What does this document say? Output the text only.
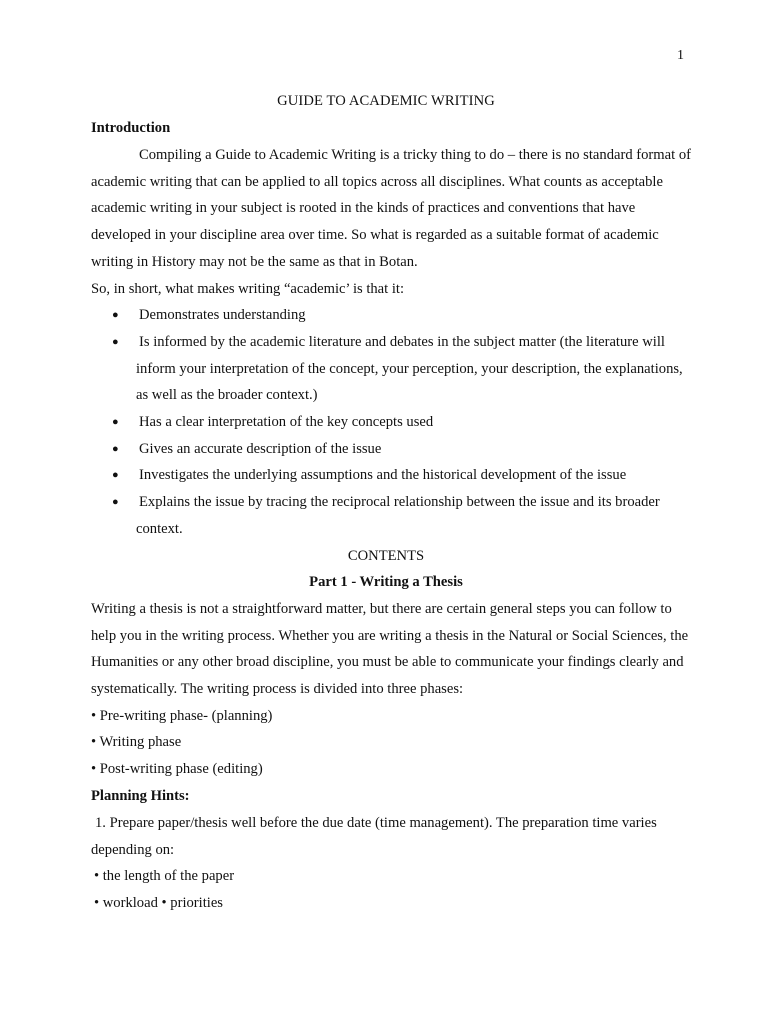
1
GUIDE TO ACADEMIC WRITING
Introduction

Compiling a Guide to Academic Writing is a tricky thing to do – there is no standard format of academic writing that can be applied to all topics across all disciplines. What counts as acceptable academic writing in your subject is rooted in the kinds of practices and conventions that have developed in your discipline area over time. So what is regarded as a suitable format of academic writing in History may not be the same as that in Botan.

So, in short, what makes writing “academic’ is that it:
● Demonstrates understanding
● Is informed by the academic literature and debates in the subject matter (the literature will inform your interpretation of the concept, your perception, your description, the explanations, as well as the broader context.)
● Has a clear interpretation of the key concepts used
● Gives an accurate description of the issue
● Investigates the underlying assumptions and the historical development of the issue
● Explains the issue by tracing the reciprocal relationship between the issue and its broader context.
CONTENTS
Part 1 - Writing a Thesis

Writing a thesis is not a straightforward matter, but there are certain general steps you can follow to help you in the writing process. Whether you are writing a thesis in the Natural or Social Sciences, the Humanities or any other broad discipline, you must be able to communicate your findings clearly and systematically. The writing process is divided into three phases:

• Pre-writing phase- (planning)
• Writing phase
• Post-writing phase (editing)
Planning Hints:

1. Prepare paper/thesis well before the due date (time management). The preparation time varies depending on:

• the length of the paper
• workload • priorities
